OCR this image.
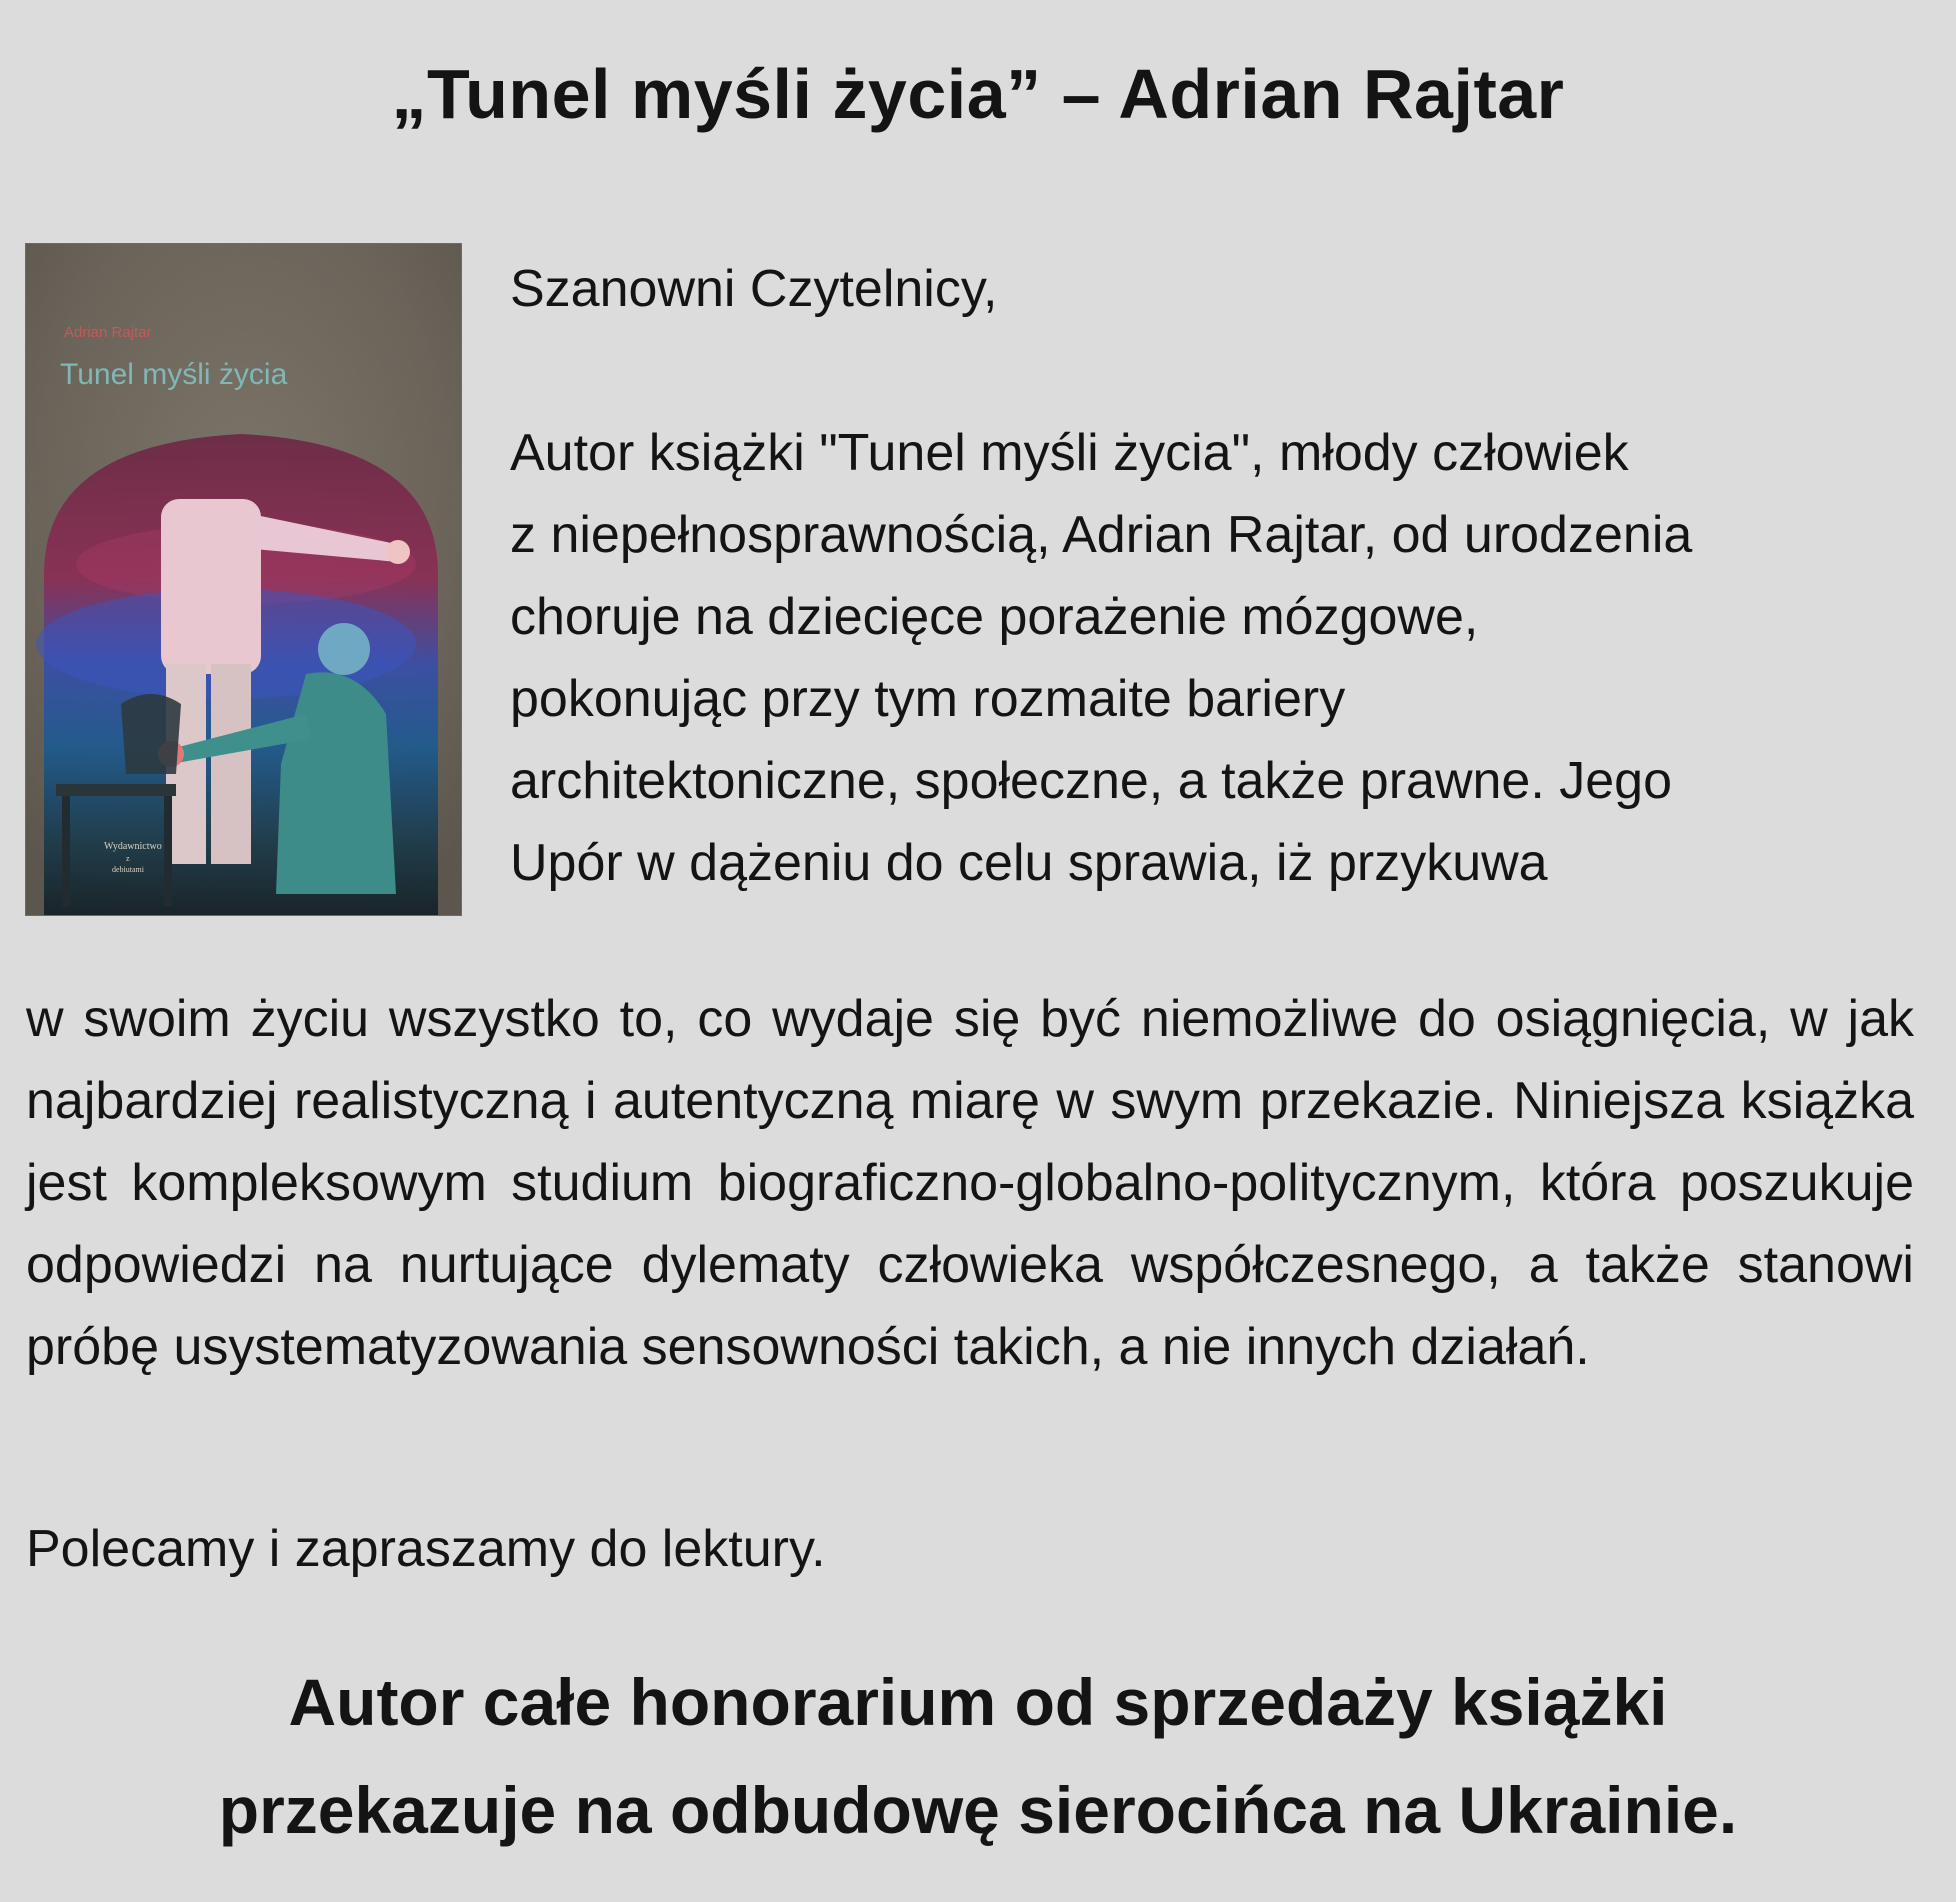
„Tunel myśli życia” – Adrian Rajtar
Adrian Rajtar
Tunel myśli życia
Wydawnictwo
z
debiutami
Szanowni Czytelnicy,
Autor książki "Tunel myśli życia", młody człowiek
z niepełnosprawnością, Adrian Rajtar, od urodzenia
choruje na dziecięce porażenie mózgowe,
pokonując przy tym rozmaite bariery
architektoniczne, społeczne, a także prawne. Jego
Upór w dążeniu do celu sprawia, iż przykuwa
w swoim życiu wszystko to, co wydaje się być niemożliwe do osiągnięcia, w jak najbardziej realistyczną i autentyczną miarę w swym przekazie. Niniejsza książka jest kompleksowym studium biograficzno-globalno-politycznym, która poszukuje odpowiedzi na nurtujące dylematy człowieka współczesnego, a także stanowi próbę usystematyzowania sensowności takich, a nie innych działań.
Polecamy i zapraszamy do lektury.
Autor całe honorarium od sprzedaży książki
przekazuje na odbudowę sierocińca na Ukrainie.
